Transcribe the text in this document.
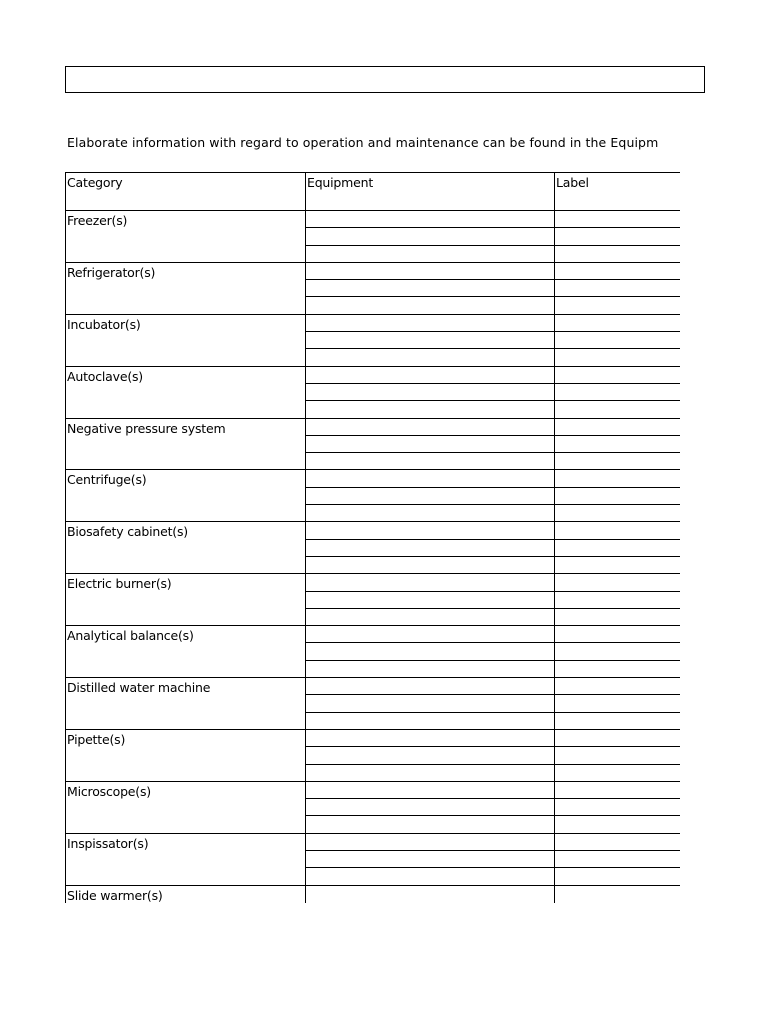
Elaborate information with regard to operation and maintenance can be found in the Equipm
Category	Equipment	Label
Freezer(s)		

Refrigerator(s)		

Incubator(s)		

Autoclave(s)		

Negative pressure system		

Centrifuge(s)		

Biosafety cabinet(s)		

Electric burner(s)		

Analytical balance(s)		

Distilled water machine		

Pipette(s)		

Microscope(s)		

Inspissator(s)		

Slide warmer(s)		
